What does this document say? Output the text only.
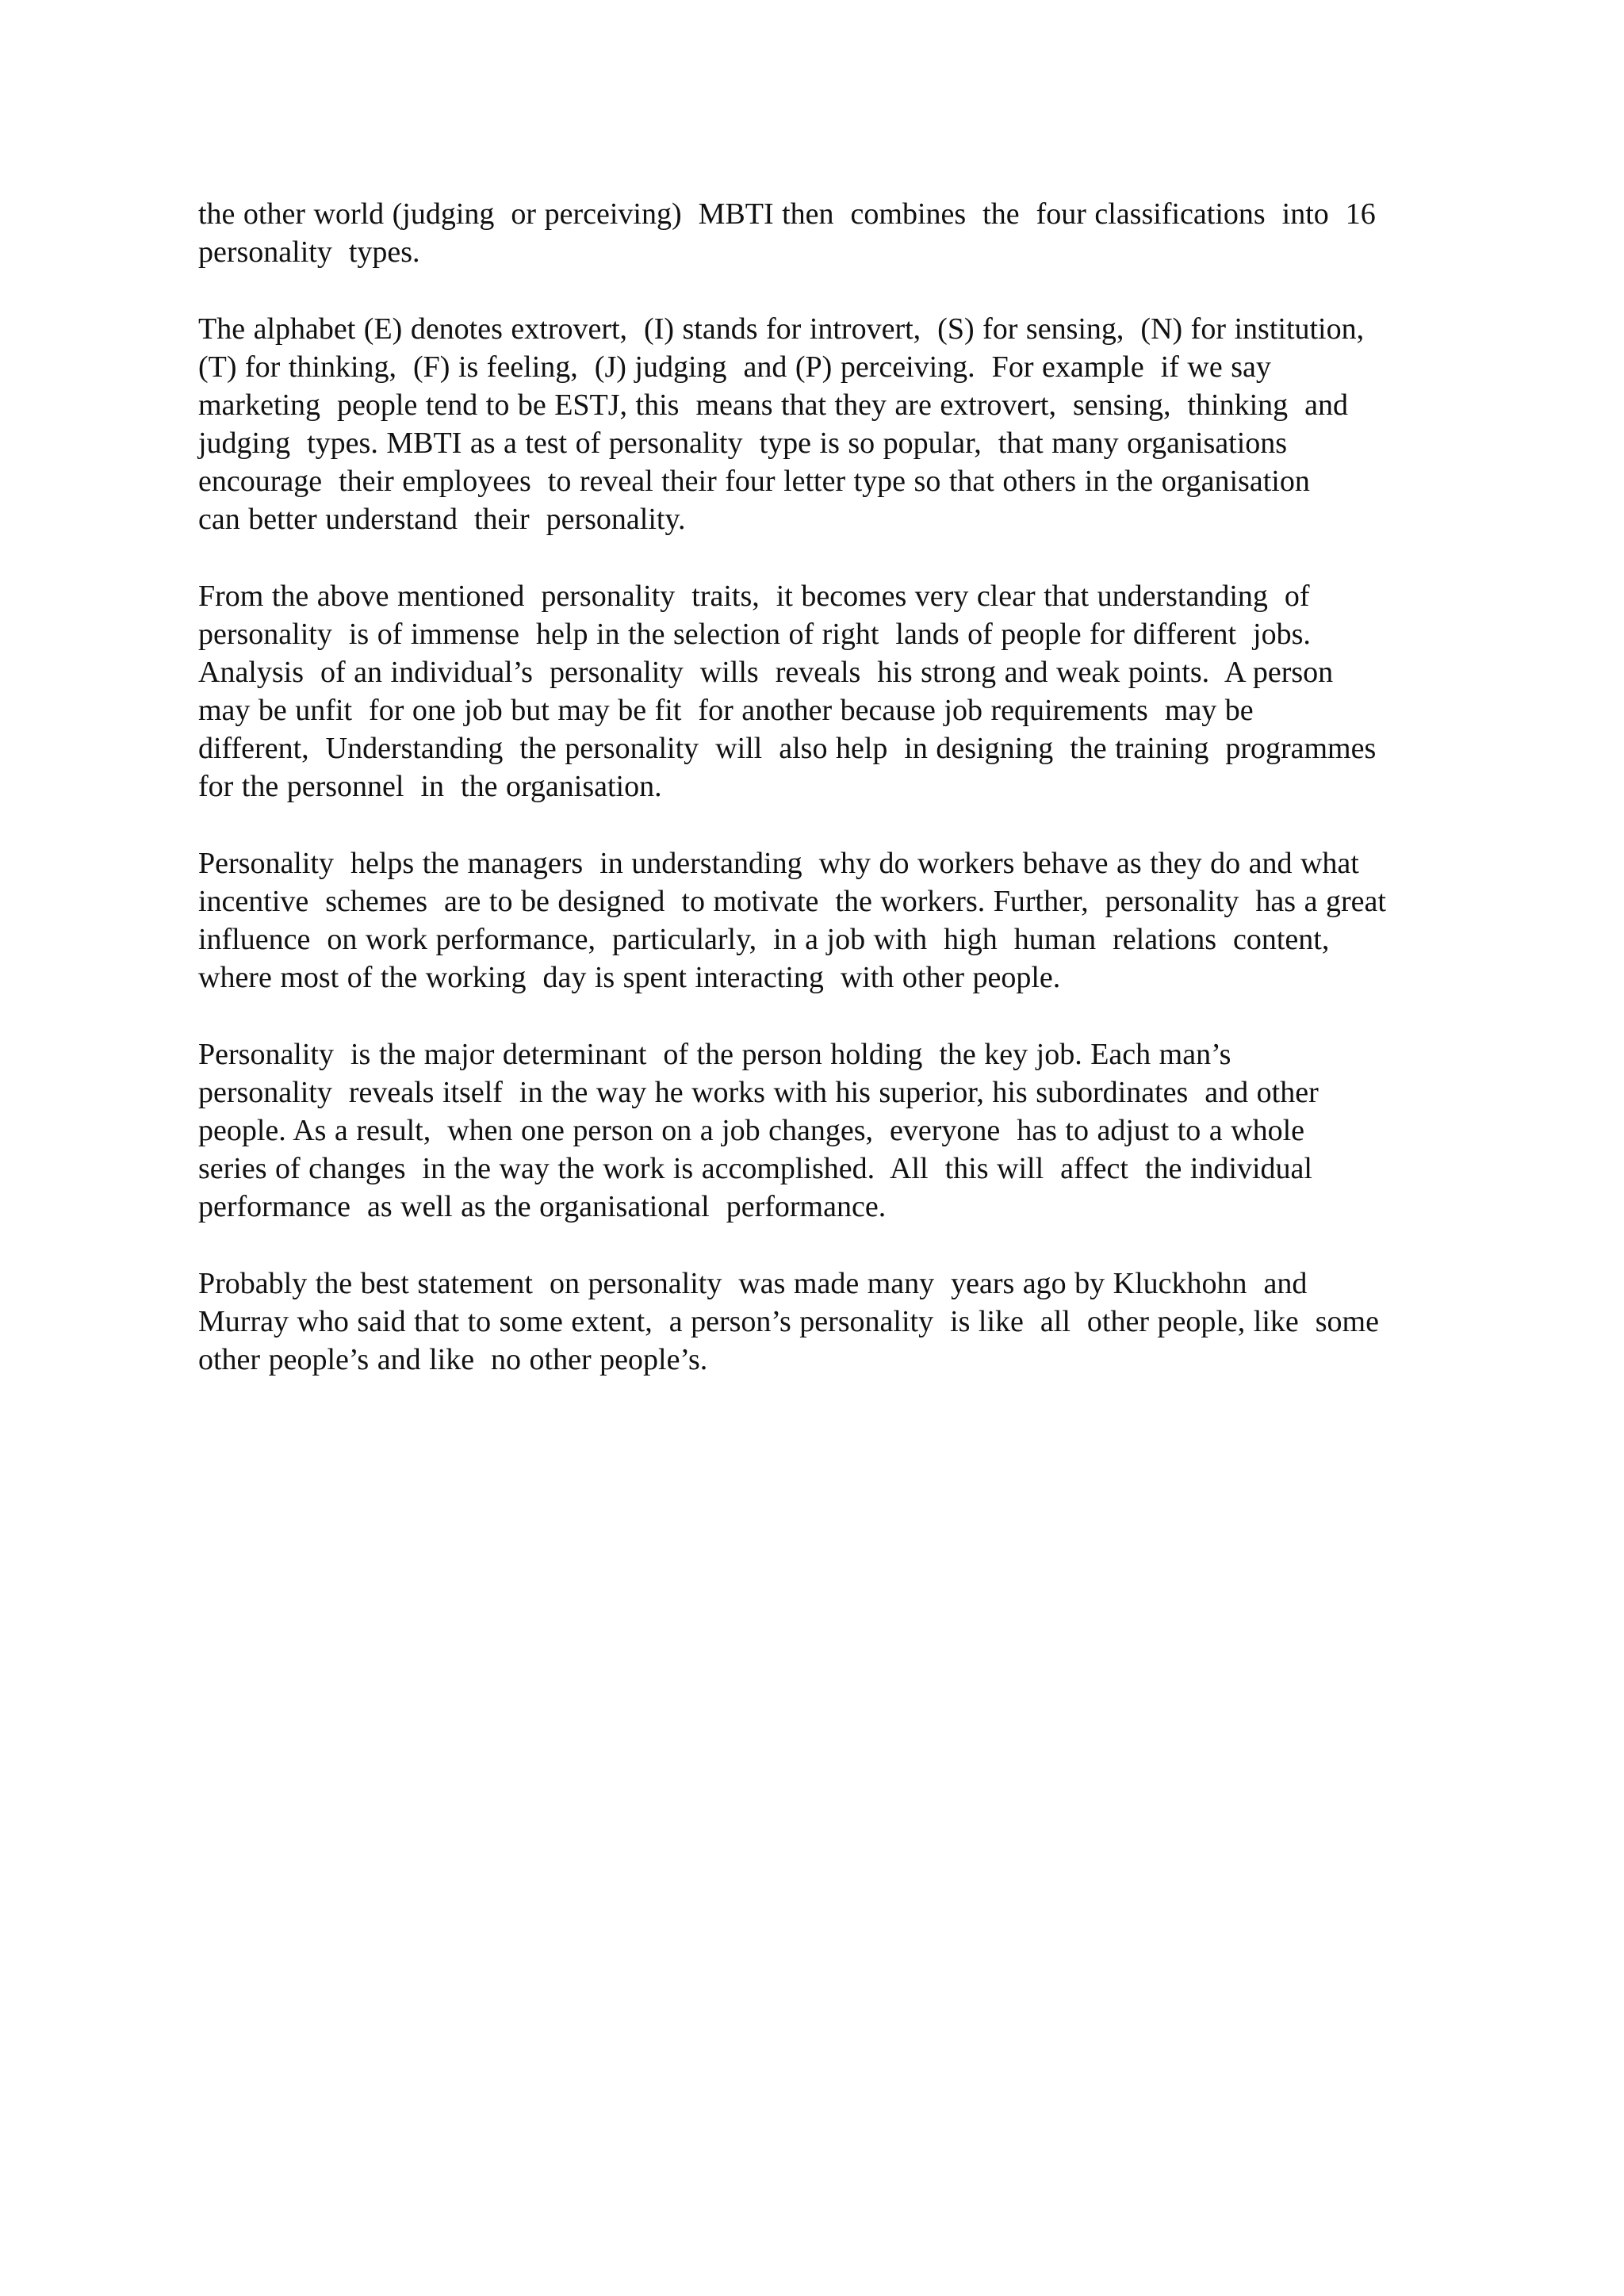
the other world (judging  or perceiving)  MBTI then  combines  the  four classifications  into  16
personality  types.
The alphabet (E) denotes extrovert,  (I) stands for introvert,  (S) for sensing,  (N) for institution,
(T) for thinking,  (F) is feeling,  (J) judging  and (P) perceiving.  For example  if we say
marketing  people tend to be ESTJ, this  means that they are extrovert,  sensing,  thinking  and
judging  types. MBTI as a test of personality  type is so popular,  that many organisations
encourage  their employees  to reveal their four letter type so that others in the organisation
can better understand  their  personality.
From the above mentioned  personality  traits,  it becomes very clear that understanding  of
personality  is of immense  help in the selection of right  lands of people for different  jobs.
Analysis  of an individual’s  personality  wills  reveals  his strong and weak points.  A person
may be unfit  for one job but may be fit  for another because job requirements  may be
different,  Understanding  the personality  will  also help  in designing  the training  programmes
for the personnel  in  the organisation.
Personality  helps the managers  in understanding  why do workers behave as they do and what
incentive  schemes  are to be designed  to motivate  the workers. Further,  personality  has a great
influence  on work performance,  particularly,  in a job with  high  human  relations  content,
where most of the working  day is spent interacting  with other people.
Personality  is the major determinant  of the person holding  the key job. Each man’s
personality  reveals itself  in the way he works with his superior, his subordinates  and other
people. As a result,  when one person on a job changes,  everyone  has to adjust to a whole
series of changes  in the way the work is accomplished.  All  this will  affect  the individual
performance  as well as the organisational  performance.
Probably the best statement  on personality  was made many  years ago by Kluckhohn  and
Murray who said that to some extent,  a person’s personality  is like  all  other people, like  some
other people’s and like  no other people’s.
